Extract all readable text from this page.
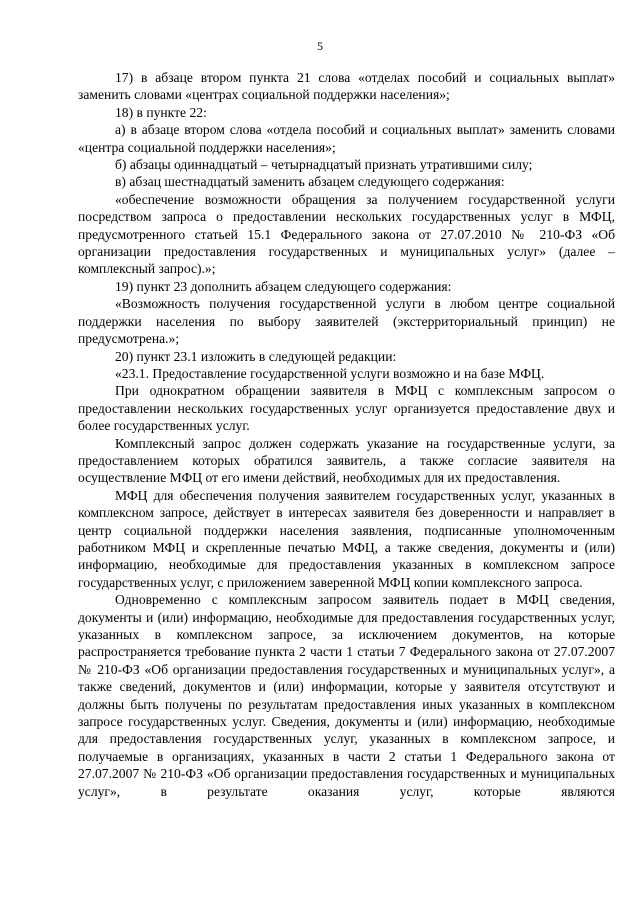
5

17) в абзаце втором пункта 21 слова «отделах пособий и социальных выплат» заменить словами «центрах социальной поддержки населения»;

18) в пункте 22:

а) в абзаце втором слова «отдела пособий и социальных выплат» заменить словами «центра социальной поддержки населения»;

б) абзацы одиннадцатый – четырнадцатый признать утратившими силу;

в) абзац шестнадцатый заменить абзацем следующего содержания:

«обеспечение возможности обращения за получением государственной услуги посредством запроса о предоставлении нескольких государственных услуг в МФЦ, предусмотренного статьей 15.1 Федерального закона от 27.07.2010 № 210-ФЗ «Об организации предоставления государственных и муниципальных услуг» (далее – комплексный запрос).»;

19) пункт 23 дополнить абзацем следующего содержания:

«Возможность получения государственной услуги в любом центре социальной поддержки населения по выбору заявителей (экстерриториальный принцип) не предусмотрена.»;

20) пункт 23.1 изложить в следующей редакции:

«23.1. Предоставление государственной услуги возможно и на базе МФЦ.

При однократном обращении заявителя в МФЦ с комплексным запросом о предоставлении нескольких государственных услуг организуется предоставление двух и более государственных услуг.

Комплексный запрос должен содержать указание на государственные услуги, за предоставлением которых обратился заявитель, а также согласие заявителя на осуществление МФЦ от его имени действий, необходимых для их предоставления.

МФЦ для обеспечения получения заявителем государственных услуг, указанных в комплексном запросе, действует в интересах заявителя без доверенности и направляет в центр социальной поддержки населения заявления, подписанные уполномоченным работником МФЦ и скрепленные печатью МФЦ, а также сведения, документы и (или) информацию, необходимые для предоставления указанных в комплексном запросе государственных услуг, с приложением заверенной МФЦ копии комплексного запроса.

Одновременно с комплексным запросом заявитель подает в МФЦ сведения, документы и (или) информацию, необходимые для предоставления государственных услуг, указанных в комплексном запросе, за исключением документов, на которые распространяется требование пункта 2 части 1 статьи 7 Федерального закона от 27.07.2007 № 210-ФЗ «Об организации предоставления государственных и муниципальных услуг», а также сведений, документов и (или) информации, которые у заявителя отсутствуют и должны быть получены по результатам предоставления иных указанных в комплексном запросе государственных услуг. Сведения, документы и (или) информацию, необходимые для предоставления государственных услуг, указанных в комплексном запросе, и получаемые в организациях, указанных в части 2 статьи 1 Федерального закона от 27.07.2007 № 210-ФЗ «Об организации предоставления государственных и муниципальных услуг», в результате оказания услуг, которые являются
